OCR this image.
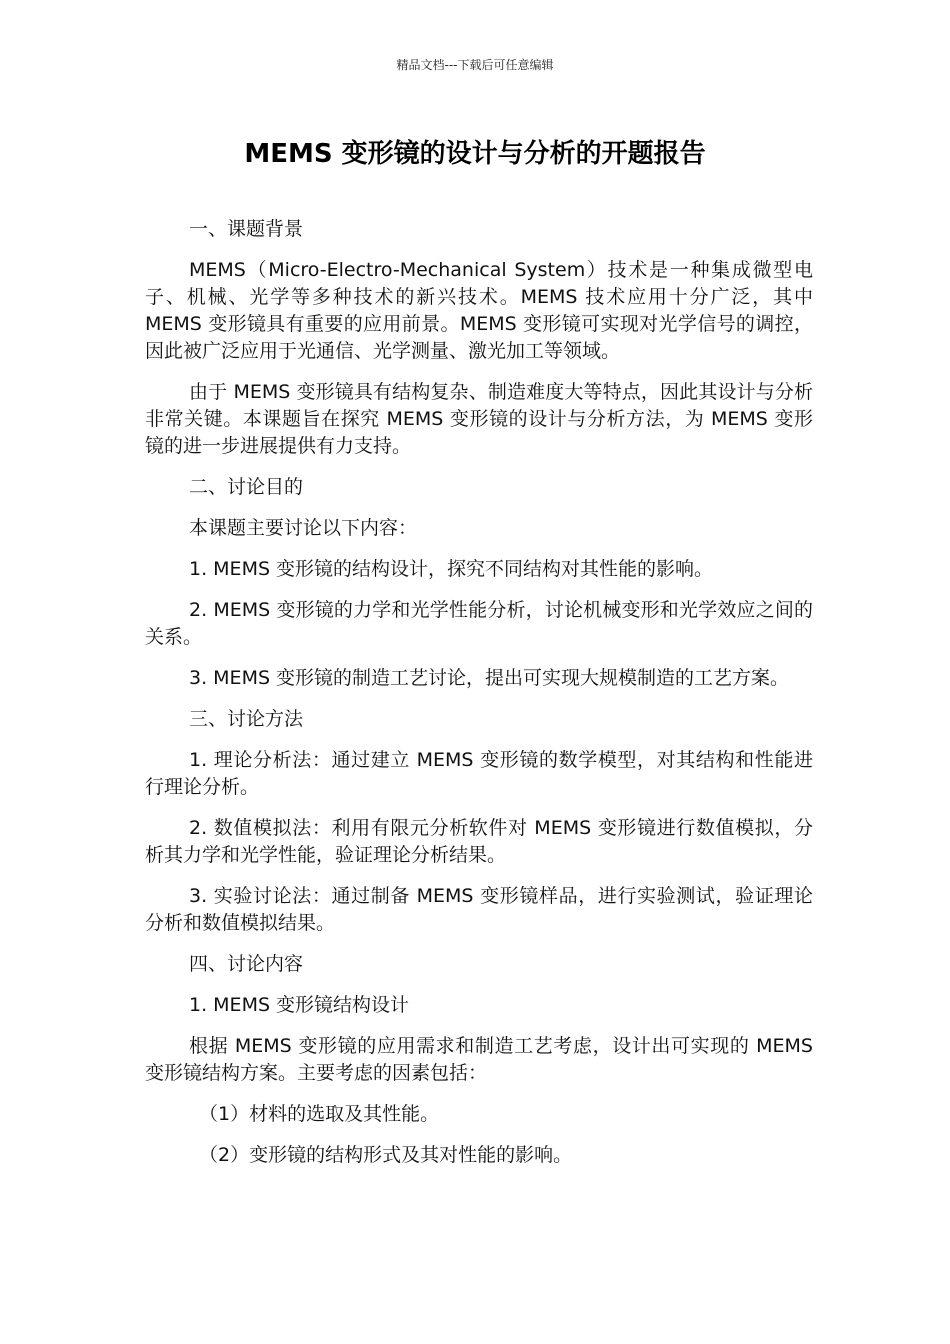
精品文档---下载后可任意编辑
MEMS 变形镜的设计与分析的开题报告

一、课题背景

MEMS（Micro-Electro-Mechanical System）技术是一种集成微型电子、机械、光学等多种技术的新兴技术。MEMS 技术应用十分广泛，其中 MEMS 变形镜具有重要的应用前景。MEMS 变形镜可实现对光学信号的调控，因此被广泛应用于光通信、光学测量、激光加工等领域。

由于 MEMS 变形镜具有结构复杂、制造难度大等特点，因此其设计与分析非常关键。本课题旨在探究 MEMS 变形镜的设计与分析方法，为 MEMS 变形镜的进一步进展提供有力支持。

二、讨论目的

本课题主要讨论以下内容：

1. MEMS 变形镜的结构设计，探究不同结构对其性能的影响。

2. MEMS 变形镜的力学和光学性能分析，讨论机械变形和光学效应之间的关系。

3. MEMS 变形镜的制造工艺讨论，提出可实现大规模制造的工艺方案。

三、讨论方法

1. 理论分析法：通过建立 MEMS 变形镜的数学模型，对其结构和性能进行理论分析。

2. 数值模拟法：利用有限元分析软件对 MEMS 变形镜进行数值模拟，分析其力学和光学性能，验证理论分析结果。

3. 实验讨论法：通过制备 MEMS 变形镜样品，进行实验测试，验证理论分析和数值模拟结果。

四、讨论内容

1. MEMS 变形镜结构设计

根据 MEMS 变形镜的应用需求和制造工艺考虑，设计出可实现的 MEMS 变形镜结构方案。主要考虑的因素包括：

（1）材料的选取及其性能。

（2）变形镜的结构形式及其对性能的影响。
